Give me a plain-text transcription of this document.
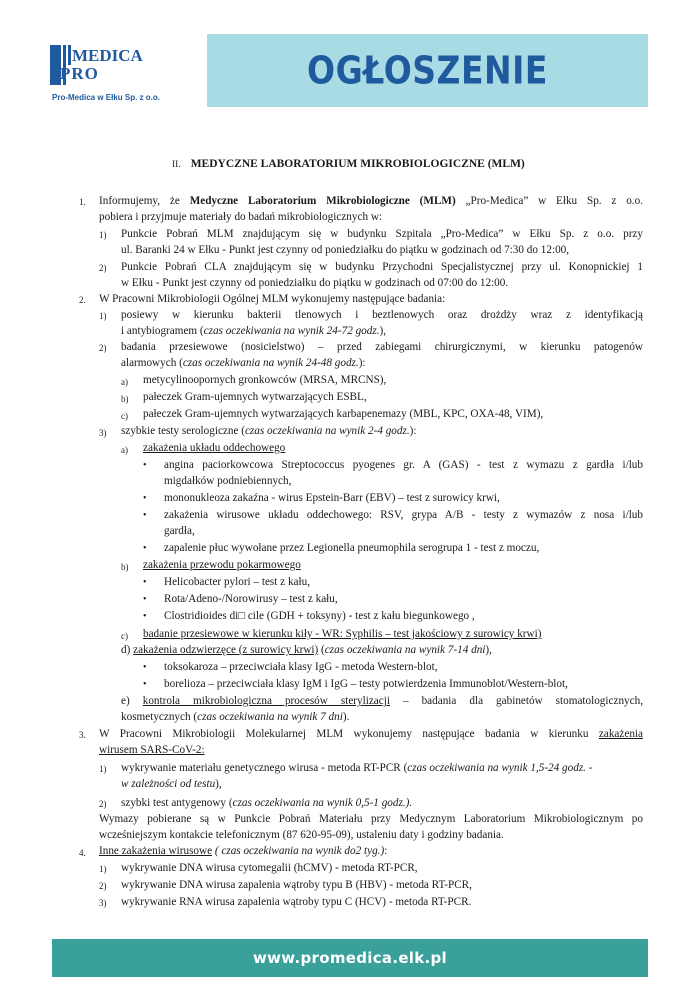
MEDICA
PRO
Pro-Medica w Ełku Sp. z o.o.
OGŁOSZENIE
II. MEDYCZNE LABORATORIUM MIKROBIOLOGICZNE (MLM)
1. Informujemy, że Medyczne Laboratorium Mikrobiologiczne (MLM) „Pro-Medica” w Ełku Sp. z o.o.
pobiera i przyjmuje materiały do badań mikrobiologicznych w:
1) Punkcie Pobrań MLM znajdującym się w budynku Szpitala „Pro-Medica” w Ełku Sp. z o.o. przy
ul. Baranki 24 w Ełku - Punkt jest czynny od poniedziałku do piątku w godzinach od 7:30 do 12:00,
2) Punkcie Pobrań CLA znajdującym się w budynku Przychodni Specjalistycznej przy ul. Konopnickiej 1
w Ełku - Punkt jest czynny od poniedziałku do piątku w godzinach od 07:00 do 12:00.
2. W Pracowni Mikrobiologii Ogólnej MLM wykonujemy następujące badania:
1) posiewy w kierunku bakterii tlenowych i beztlenowych oraz drożdży wraz z identyfikacją
i antybiogramem (czas oczekiwania na wynik 24-72 godz.),
2) badania przesiewowe (nosicielstwo) – przed zabiegami chirurgicznymi, w kierunku patogenów
alarmowych (czas oczekiwania na wynik 24-48 godz.):
a) metycylinoopornych gronkowców (MRSA, MRCNS),
b) pałeczek Gram-ujemnych wytwarzających ESBL,
c) pałeczek Gram-ujemnych wytwarzających karbapenemazy (MBL, KPC, OXA-48, VIM),
3) szybkie testy serologiczne (czas oczekiwania na wynik 2-4 godz.):
a) zakażenia układu oddechowego
• angina paciorkowcowa Streptococcus pyogenes gr. A (GAS) - test z wymazu z gardła i/lub
migdałków podniebiennych,
• mononukleoza zakaźna - wirus Epstein-Barr (EBV) – test z surowicy krwi,
• zakażenia wirusowe układu oddechowego: RSV, grypa A/B - testy z wymazów z nosa i/lub
gardła,
• zapalenie płuc wywołane przez Legionella pneumophila serogrupa 1 - test z moczu,
b) zakażenia przewodu pokarmowego
• Helicobacter pylori – test z kału,
• Rota/Adeno-/Norowirusy – test z kału,
• Clostridioides di□ cile (GDH + toksyny) - test z kału biegunkowego ,
c) badanie przesiewowe w kierunku kiły - WR: Syphilis – test jakościowy z surowicy krwi)
d) zakażenia odzwierzęce (z surowicy krwi) (czas oczekiwania na wynik 7-14 dni),
• toksokaroza – przeciwciała klasy IgG - metoda Western-blot,
• borelioza – przeciwciała klasy IgM i IgG – testy potwierdzenia Immunoblot/Western-blot,
e) kontrola mikrobiologiczna procesów sterylizacji – badania dla gabinetów stomatologicznych,
kosmetycznych (czas oczekiwania na wynik 7 dni).
3. W Pracowni Mikrobiologii Molekularnej MLM wykonujemy następujące badania w kierunku zakażenia
wirusem SARS-CoV-2:
1) wykrywanie materiału genetycznego wirusa - metoda RT-PCR (czas oczekiwania na wynik 1,5-24 godz. -
w zależności od testu),
2) szybki test antygenowy (czas oczekiwania na wynik 0,5-1 godz.).
Wymazy pobierane są w Punkcie Pobrań Materiału przy Medycznym Laboratorium Mikrobiologicznym po
wcześniejszym kontakcie telefonicznym (87 620-95-09), ustaleniu daty i godziny badania.
4. Inne zakażenia wirusowe ( czas oczekiwania na wynik do2 tyg.):
1) wykrywanie DNA wirusa cytomegalii (hCMV) - metoda RT-PCR,
2) wykrywanie DNA wirusa zapalenia wątroby typu B (HBV) - metoda RT-PCR,
3) wykrywanie RNA wirusa zapalenia wątroby typu C (HCV) - metoda RT-PCR.
www.promedica.elk.pl
